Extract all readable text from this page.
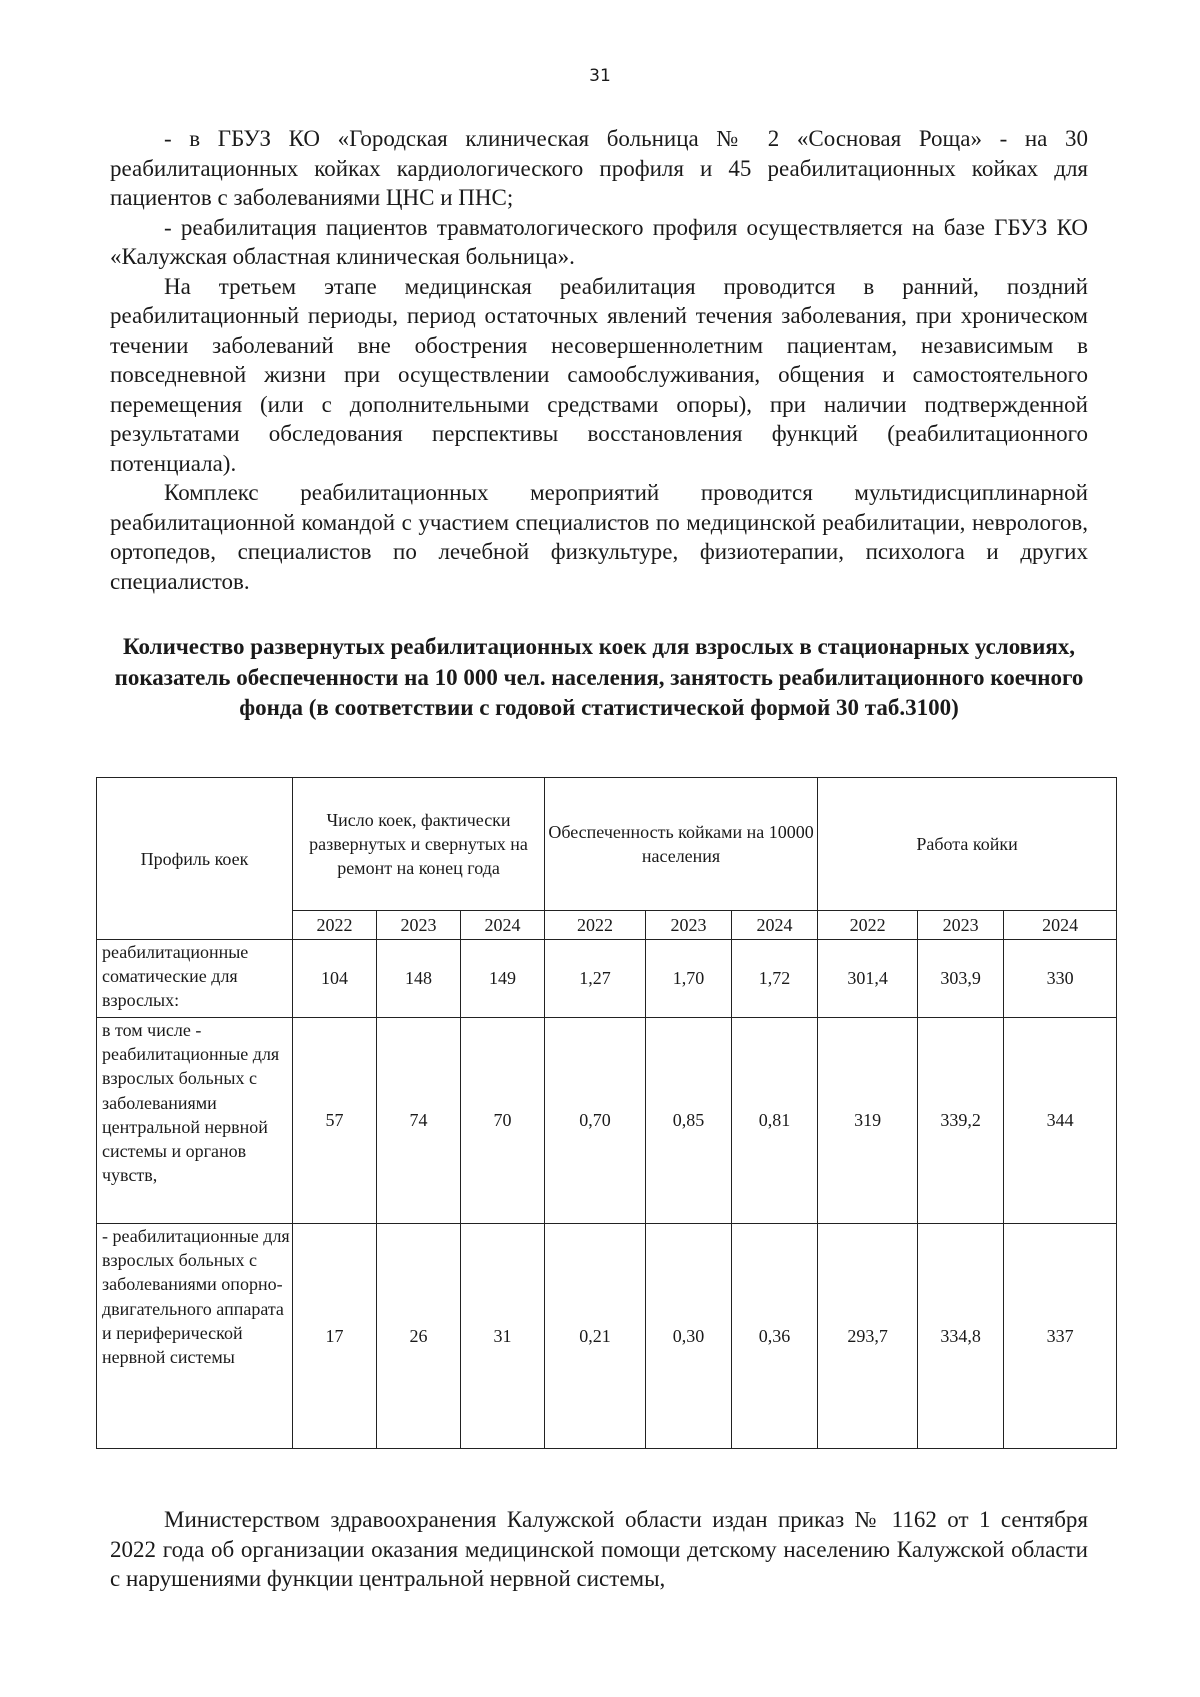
31

- в ГБУЗ КО «Городская клиническая больница № 2 «Сосновая Роща» - на 30 реабилитационных койках кардиологического профиля и 45 реабилитационных койках для пациентов с заболеваниями ЦНС и ПНС;

- реабилитация пациентов травматологического профиля осуществляется на базе ГБУЗ КО «Калужская областная клиническая больница».

На третьем этапе медицинская реабилитация проводится в ранний, поздний реабилитационный периоды, период остаточных явлений течения заболевания, при хроническом течении заболеваний вне обострения несовершеннолетним пациентам, независимым в повседневной жизни при осуществлении самообслуживания, общения и самостоятельного перемещения (или с дополнительными средствами опоры), при наличии подтвержденной результатами обследования перспективы восстановления функций (реабилитационного потенциала).

Комплекс реабилитационных мероприятий проводится мультидисциплинарной реабилитационной командой с участием специалистов по медицинской реабилитации, неврологов, ортопедов, специалистов по лечебной физкультуре, физиотерапии, психолога и других специалистов.

Количество развернутых реабилитационных коек для взрослых в стационарных условиях, показатель обеспеченности на 10 000 чел. населения, занятость реабилитационного коечного фонда (в соответствии с годовой статистической формой 30 таб.3100)
Профиль коек	Число коек, фактически развернутых и свернутых на ремонт на конец года			Обеспеченность койками на 10000 населения			Работа койки		
	2022	2023	2024	2022	2023	2024	2022	2023	2024
реабилитационные соматические для взрослых:	104	148	149	1,27	1,70	1,72	301,4	303,9	330
в том числе - реабилитационные для взрослых больных с заболеваниями центральной нервной системы и органов чувств,	57	74	70	0,70	0,85	0,81	319	339,2	344
- реабилитационные для взрослых больных с заболеваниями опорно-двигательного аппарата и периферической нервной системы	17	26	31	0,21	0,30	0,36	293,7	334,8	337

Министерством здравоохранения Калужской области издан приказ № 1162 от 1 сентября 2022 года об организации оказания медицинской помощи детскому населению Калужской области с нарушениями функции центральной нервной системы,
